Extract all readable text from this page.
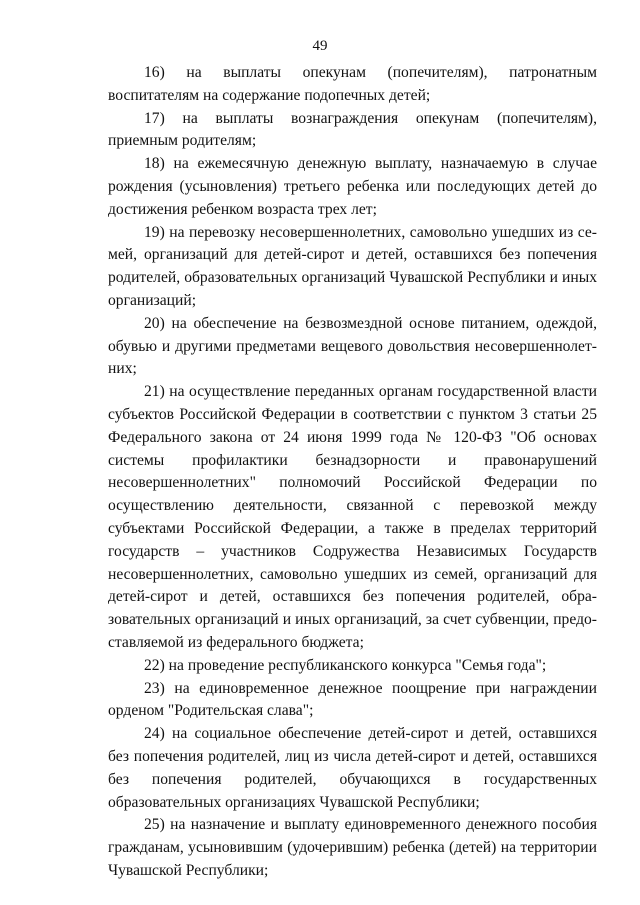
49

16) на выплаты опекунам (попечителям), патронатным воспитателям на содержание подопечных детей;

17) на выплаты вознаграждения опекунам (попечителям), приемным родителям;

18) на ежемесячную денежную выплату, назначаемую в случае рождения (усыновления) третьего ребенка или последующих детей до достижения ребенком возраста трех лет;

19) на перевозку несовершеннолетних, самовольно ушедших из семей, организаций для детей-сирот и детей, оставшихся без попечения родителей, образовательных организаций Чувашской Республики и иных организаций;

20) на обеспечение на безвозмездной основе питанием, одеждой, обувью и другими предметами вещевого довольствия несовершеннолетних;

21) на осуществление переданных органам государственной власти субъектов Российской Федерации в соответствии с пунктом 3 статьи 25 Федерального закона от 24 июня 1999 года № 120-ФЗ "Об основах системы профилактики безнадзорности и правонарушений несовершеннолетних" полномочий Российской Федерации по осуществлению деятельности, связанной с перевозкой между субъектами Российской Федерации, а также в пределах территорий государств – участников Содружества Независимых Государств несовершеннолетних, самовольно ушедших из семей, организаций для детей-сирот и детей, оставшихся без попечения родителей, образовательных организаций и иных организаций, за счет субвенции, предоставляемой из федерального бюджета;

22) на проведение республиканского конкурса "Семья года";

23) на единовременное денежное поощрение при награждении орденом "Родительская слава";

24) на социальное обеспечение детей-сирот и детей, оставшихся без попечения родителей, лиц из числа детей-сирот и детей, оставшихся без попечения родителей, обучающихся в государственных образовательных организациях Чувашской Республики;

25) на назначение и выплату единовременного денежного пособия гражданам, усыновившим (удочерившим) ребенка (детей) на территории Чувашской Республики;
